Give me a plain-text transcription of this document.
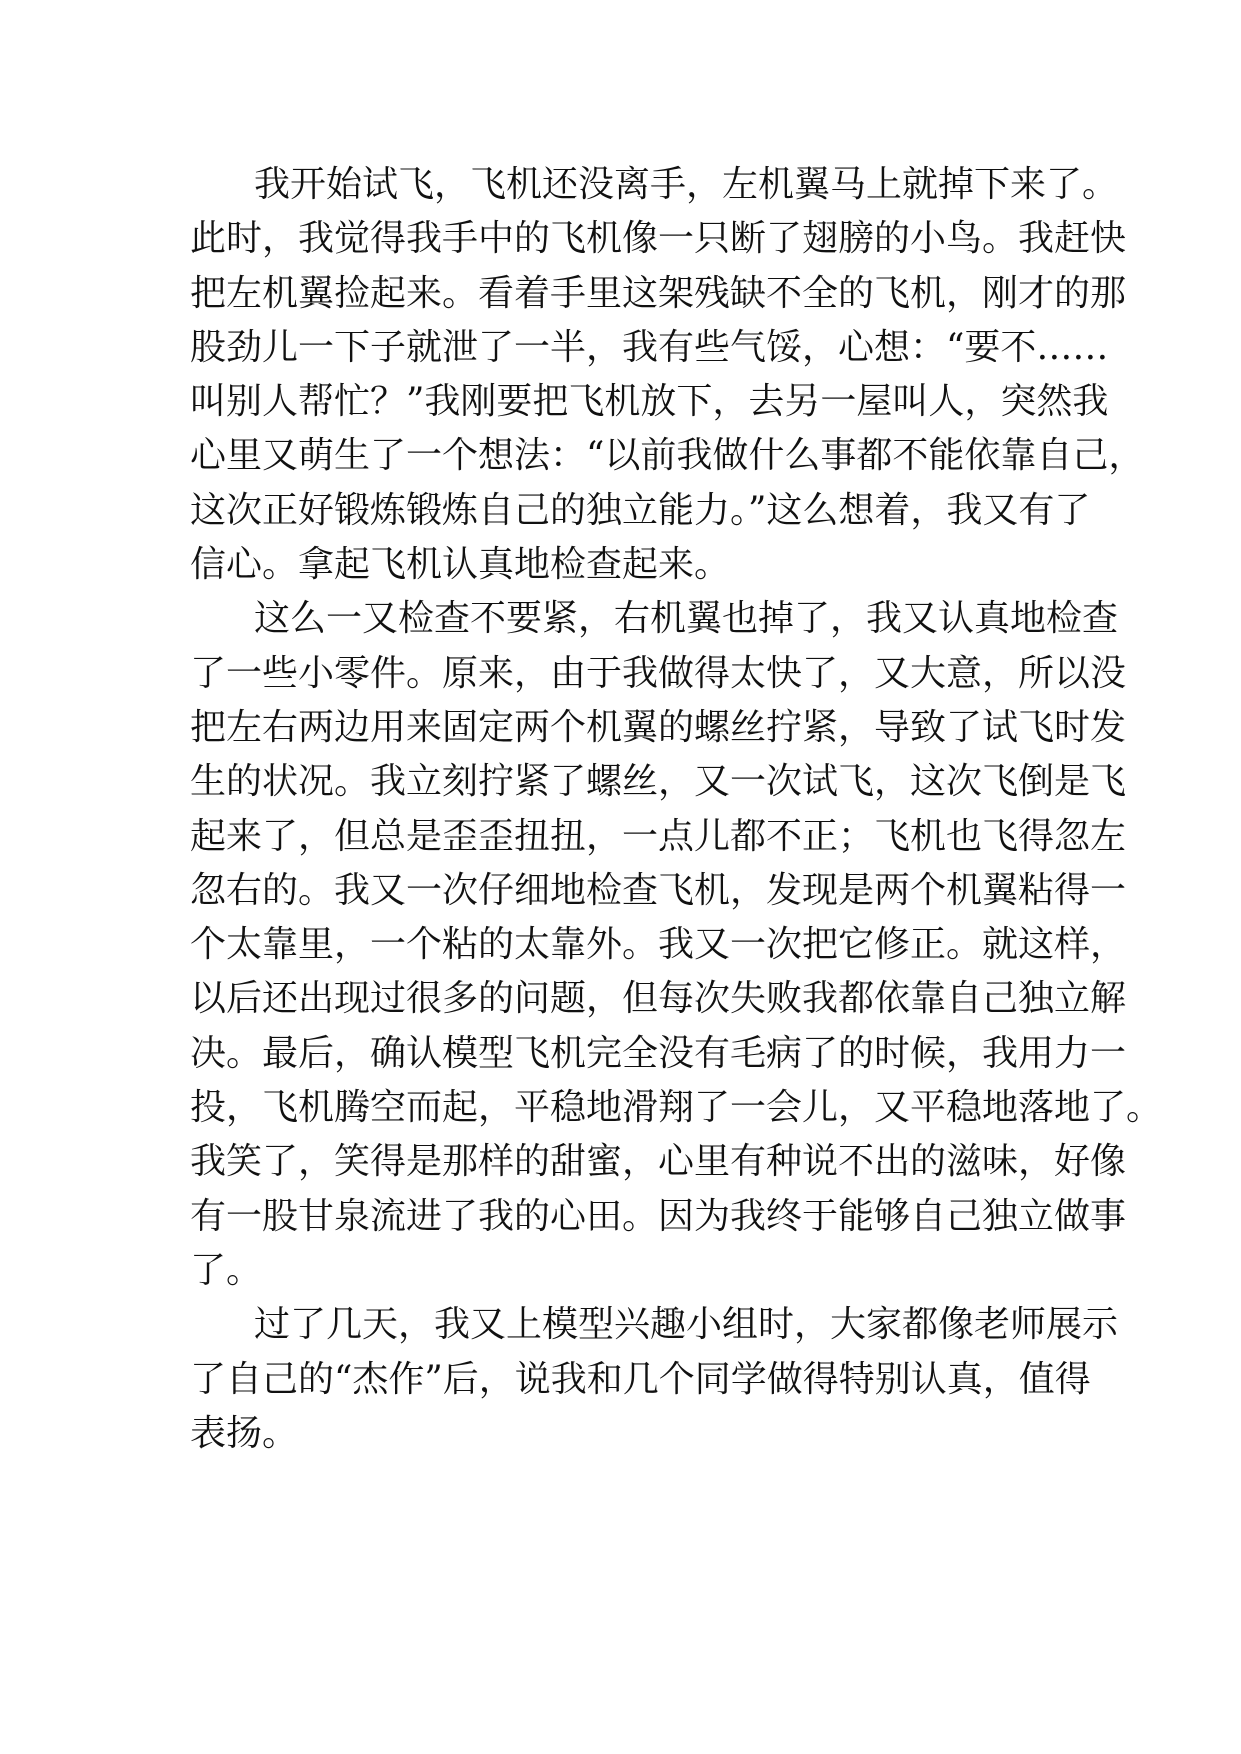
我开始试飞，飞机还没离手，左机翼马上就掉下来了。
此时，我觉得我手中的飞机像一只断了翅膀的小鸟。我赶快
把左机翼捡起来。看着手里这架残缺不全的飞机，刚才的那
股劲儿一下子就泄了一半，我有些气馁，心想：“要不……
叫别人帮忙？”我刚要把飞机放下，去另一屋叫人，突然我
心里又萌生了一个想法：“以前我做什么事都不能依靠自己，
这次正好锻炼锻炼自己的独立能力。”这么想着，我又有了
信心。拿起飞机认真地检查起来。
这么一又检查不要紧，右机翼也掉了，我又认真地检查
了一些小零件。原来，由于我做得太快了，又大意，所以没
把左右两边用来固定两个机翼的螺丝拧紧，导致了试飞时发
生的状况。我立刻拧紧了螺丝，又一次试飞，这次飞倒是飞
起来了，但总是歪歪扭扭，一点儿都不正；飞机也飞得忽左
忽右的。我又一次仔细地检查飞机，发现是两个机翼粘得一
个太靠里，一个粘的太靠外。我又一次把它修正。就这样，
以后还出现过很多的问题，但每次失败我都依靠自己独立解
决。最后，确认模型飞机完全没有毛病了的时候，我用力一
投，飞机腾空而起，平稳地滑翔了一会儿，又平稳地落地了。
我笑了，笑得是那样的甜蜜，心里有种说不出的滋味，好像
有一股甘泉流进了我的心田。因为我终于能够自己独立做事
了。
过了几天，我又上模型兴趣小组时，大家都像老师展示
了自己的“杰作”后，说我和几个同学做得特别认真，值得
表扬。
